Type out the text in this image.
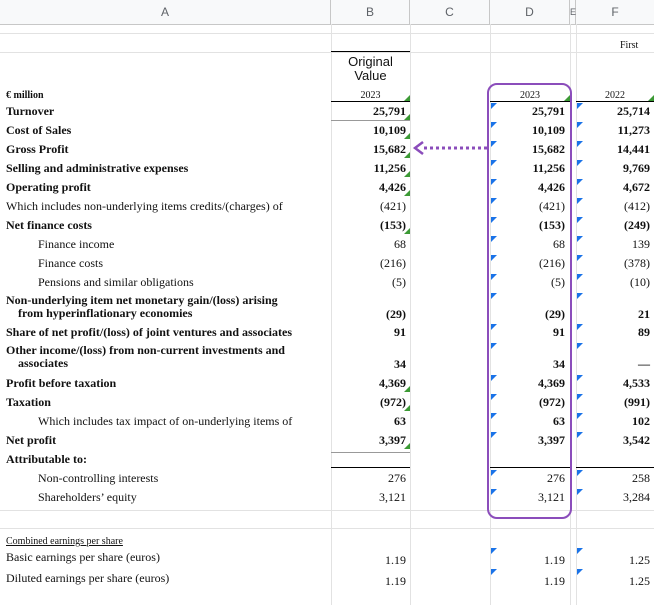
A	B	C	D	E	F
First
Original Value
€ million	2023	2023	2022
Turnover	25,791	25,791	25,714
Cost of Sales	10,109	10,109	11,273
Gross Profit	15,682	15,682	14,441
Selling and administrative expenses	11,256	11,256	9,769
Operating profit	4,426	4,426	4,672
Which includes non-underlying items credits/(charges) of	(421)	(421)	(412)
Net finance costs	(153)	(153)	(249)
Finance income	68	68	139
Finance costs	(216)	(216)	(378)
Pensions and similar obligations	(5)	(5)	(10)
Non-underlying item net monetary gain/(loss) arising
from hyperinflationary economies	(29)	(29)	21
Share of net profit/(loss) of joint ventures and associates	91	91	89
Other income/(loss) from non-current investments and
associates	34	34	—
Profit before taxation	4,369	4,369	4,533
Taxation	(972)	(972)	(991)
Which includes tax impact of on-underlying items of	63	63	102
Net profit	3,397	3,397	3,542
Attributable to:
Non-controlling interests	276	276	258
Shareholders’ equity	3,121	3,121	3,284
Combined earnings per share
Basic earnings per share (euros)	1.19	1.19	1.25
Diluted earnings per share (euros)	1.19	1.19	1.25
